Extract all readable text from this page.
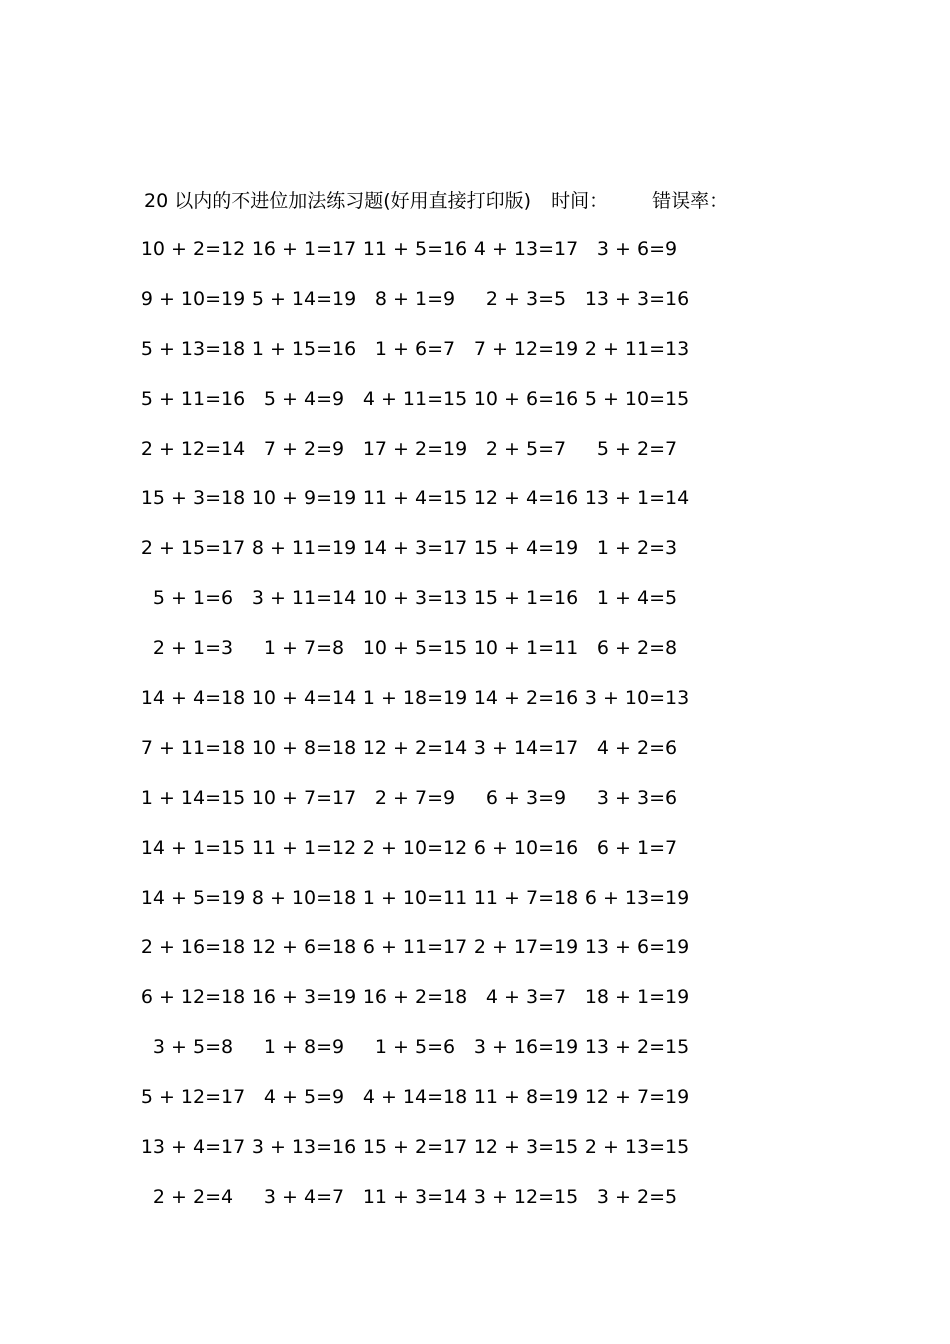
20 以内的不进位加法练习题(好用直接打印版) 时间： 错误率：
10 + 2=12 16 + 1=17 11 + 5=16 4 + 13=17 3 + 6=9
9 + 10=19 5 + 14=19 8 + 1=9	2 + 3=5 13 + 3=16
5 + 13=18 1 + 15=16 1 + 6=7 7 + 12=19 2 + 11=13
5 + 11=16 5 + 4=9 4 + 11=15 10 + 6=16 5 + 10=15
2 + 12=14 7 + 2=9 17 + 2=19 2 + 5=7	5 + 2=7
15 + 3=18 10 + 9=19 11 + 4=15 12 + 4=16 13 + 1=14
2 + 15=17 8 + 11=19 14 + 3=17 15 + 4=19 1 + 2=3
5 + 1=6 3 + 11=14 10 + 3=13 15 + 1=16 1 + 4=5
2 + 1=3	1 + 7=8 10 + 5=15 10 + 1=11 6 + 2=8
14 + 4=18 10 + 4=14 1 + 18=19 14 + 2=16 3 + 10=13
7 + 11=18 10 + 8=18 12 + 2=14 3 + 14=17 4 + 2=6
1 + 14=15 10 + 7=17 2 + 7=9	6 + 3=9	3 + 3=6
14 + 1=15 11 + 1=12 2 + 10=12 6 + 10=16 6 + 1=7
14 + 5=19 8 + 10=18 1 + 10=11 11 + 7=18 6 + 13=19
2 + 16=18 12 + 6=18 6 + 11=17 2 + 17=19 13 + 6=19
6 + 12=18 16 + 3=19 16 + 2=18 4 + 3=7 18 + 1=19
3 + 5=8	1 + 8=9	1 + 5=6 3 + 16=19 13 + 2=15
5 + 12=17 4 + 5=9 4 + 14=18 11 + 8=19 12 + 7=19
13 + 4=17 3 + 13=16 15 + 2=17 12 + 3=15 2 + 13=15
2 + 2=4	3 + 4=7 11 + 3=14 3 + 12=15 3 + 2=5
